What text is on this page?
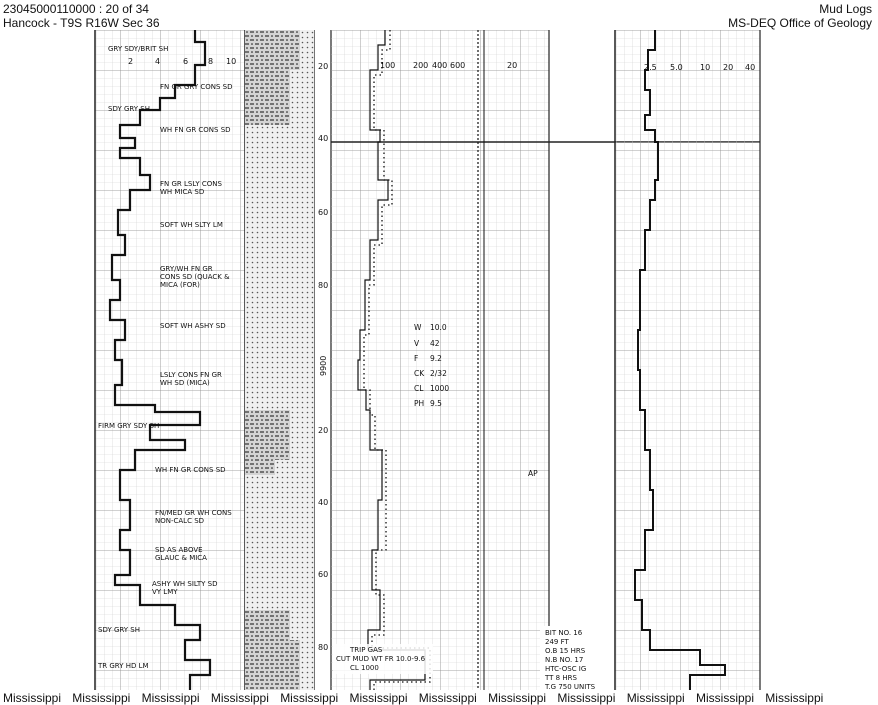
23045000110000 : 20 of 34
Hancock - T9S R16W Sec 36
Mud Logs
MS-DEQ Office of Geology
2	4	6 8 10	100 200 400 600	20	2.5 5.0 10 20 40
20
40
60
80
20
40
60
80
9900
GRY SDY/BRIT SH
FN GR GRY CONS SD
SDY GRY SH
WH FN GR CONS SD
FN GR LSLY CONS
WH MICA SD
SOFT WH SLTY LM
GRY/WH FN GR
CONS SD (QUACK &
MICA (FOR)
SOFT WH ASHY SD
LSLY CONS FN GR
WH SD (MICA)
FIRM GRY SDY SH
WH FN GR CONS SD
FN/MED GR WH CONS
NON-CALC SD
SD AS ABOVE
GLAUC & MICA
ASHY WH SILTY SD
VY LMY
SDY GRY SH
TR GRY HD LM
W 10.0
V 42
F 9.2
CK 2/32
CL 1000
PH 9.5
AP
TRIP GAS
CUT MUD WT FR 10.0-9.6
CL 1000
BIT NO. 16
249 FT
O.B 15 HRS
N.B NO. 17
HTC-OSC IG
TT 8 HRS
T.G 750 UNITS
Mississippi Mississippi Mississippi Mississippi Mississippi Mississippi Mississippi Mississippi Mississippi Mississippi Mississippi Mississippi
